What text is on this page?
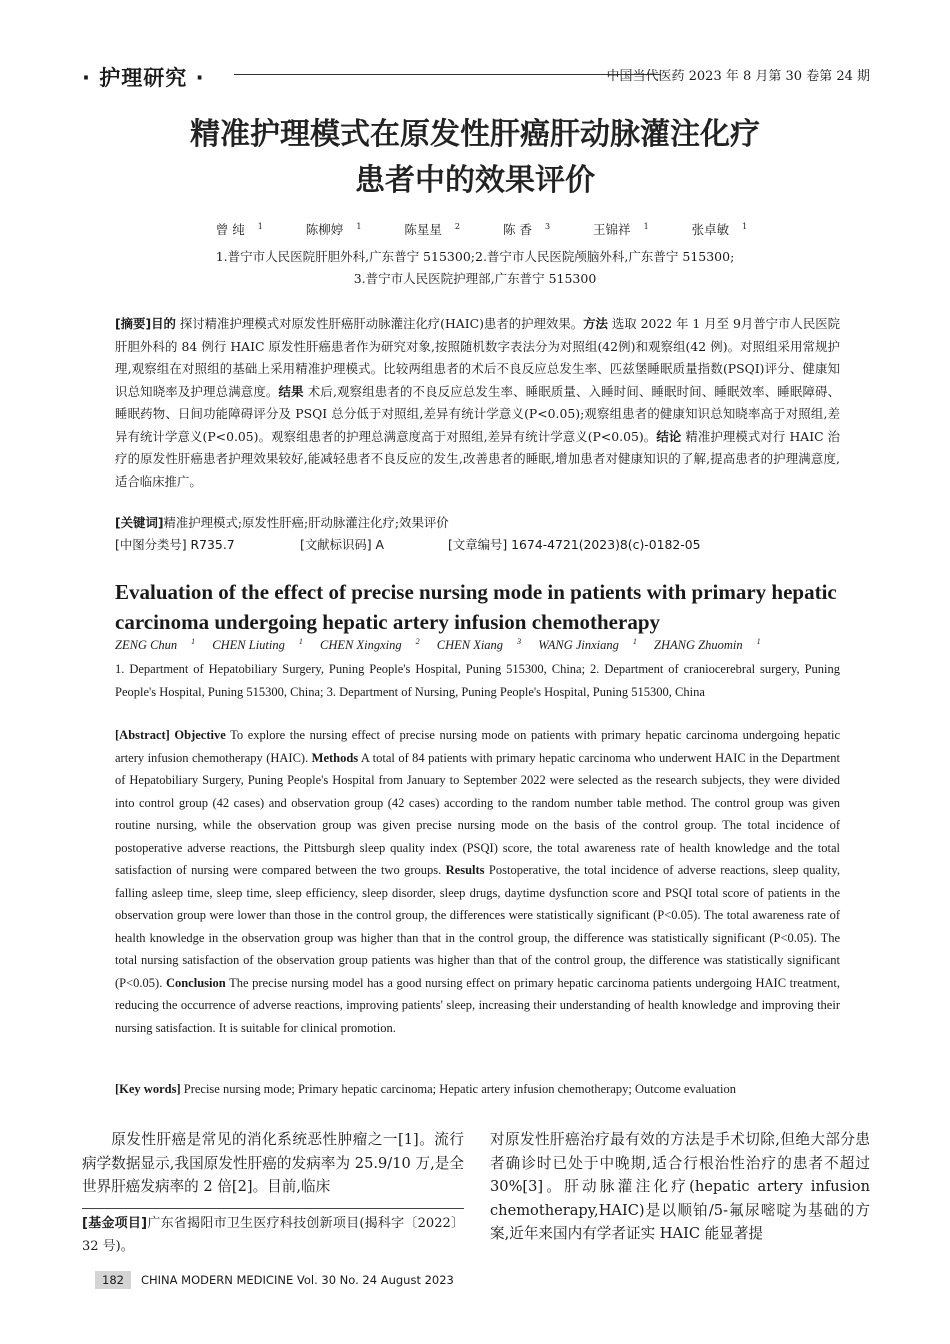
· 护理研究 ·	中国当代医药 2023 年 8 月第 30 卷第 24 期
精准护理模式在原发性肝癌肝动脉灌注化疗
患者中的效果评价
曾 纯 $^1$	陈柳婷 $^1$	陈星星 $^2$	陈 香 $^3$	王锦祥 $^1$	张卓敏 $^1$
1.普宁市人民医院肝胆外科,广东普宁 515300;2.普宁市人民医院颅脑外科,广东普宁 515300;
3.普宁市人民医院护理部,广东普宁 515300
[摘要]目的 探讨精准护理模式对原发性肝癌肝动脉灌注化疗(HAIC)患者的护理效果。方法 选取 2022 年 1 月至 9月普宁市人民医院肝胆外科的 84 例行 HAIC 原发性肝癌患者作为研究对象,按照随机数字表法分为对照组(42例)和观察组(42 例)。对照组采用常规护理,观察组在对照组的基础上采用精准护理模式。比较两组患者的术后不良反应总发生率、匹兹堡睡眠质量指数(PSQI)评分、健康知识总知晓率及护理总满意度。结果 术后,观察组患者的不良反应总发生率、睡眠质量、入睡时间、睡眠时间、睡眠效率、睡眠障碍、睡眠药物、日间功能障碍评分及 PSQI 总分低于对照组,差异有统计学意义(P<0.05);观察组患者的健康知识总知晓率高于对照组,差异有统计学意义(P<0.05)。观察组患者的护理总满意度高于对照组,差异有统计学意义(P<0.05)。结论 精准护理模式对行 HAIC 治疗的原发性肝癌患者护理效果较好,能减轻患者不良反应的发生,改善患者的睡眠,增加患者对健康知识的了解,提高患者的护理满意度,适合临床推广。
[关键词]精准护理模式;原发性肝癌;肝动脉灌注化疗;效果评价
[中图分类号] R735.7	[文献标识码] A	[文章编号] 1674-4721(2023)8(c)-0182-05
Evaluation of the effect of precise nursing mode in patients with primary hepatic carcinoma undergoing hepatic artery infusion chemotherapy
ZENG Chun $^1$ CHEN Liuting $^1$ CHEN Xingxing $^2$ CHEN Xiang $^3$ WANG Jinxiang $^1$ ZHANG Zhuomin $^1$
1. Department of Hepatobiliary Surgery, Puning People's Hospital, Puning 515300, China; 2. Department of craniocerebral surgery, Puning People's Hospital, Puning 515300, China; 3. Department of Nursing, Puning People's Hospital, Puning 515300, China
[Abstract] Objective To explore the nursing effect of precise nursing mode on patients with primary hepatic carcinoma undergoing hepatic artery infusion chemotherapy (HAIC). Methods A total of 84 patients with primary hepatic carcinoma who underwent HAIC in the Department of Hepatobiliary Surgery, Puning People's Hospital from January to September 2022 were selected as the research subjects, they were divided into control group (42 cases) and observation group (42 cases) according to the random number table method. The control group was given routine nursing, while the observation group was given precise nursing mode on the basis of the control group. The total incidence of postoperative adverse reactions, the Pittsburgh sleep quality index (PSQI) score, the total awareness rate of health knowledge and the total satisfaction of nursing were compared between the two groups. Results Postoperative, the total incidence of adverse reactions, sleep quality, falling asleep time, sleep time, sleep efficiency, sleep disorder, sleep drugs, daytime dysfunction score and PSQI total score of patients in the observation group were lower than those in the control group, the differences were statistically significant (P<0.05). The total awareness rate of health knowledge in the observation group was higher than that in the control group, the difference was statistically significant (P<0.05). The total nursing satisfaction of the observation group patients was higher than that of the control group, the difference was statistically significant (P<0.05). Conclusion The precise nursing model has a good nursing effect on primary hepatic carcinoma patients undergoing HAIC treatment, reducing the occurrence of adverse reactions, improving patients' sleep, increasing their understanding of health knowledge and improving their nursing satisfaction. It is suitable for clinical promotion.
[Key words] Precise nursing mode; Primary hepatic carcinoma; Hepatic artery infusion chemotherapy; Outcome evaluation
原发性肝癌是常见的消化系统恶性肿瘤之一[1]。流行病学数据显示,我国原发性肝癌的发病率为 25.9/10 万,是全世界肝癌发病率的 2 倍[2]。目前,临床
[基金项目]广东省揭阳市卫生医疗科技创新项目(揭科字〔2022〕32 号)。
对原发性肝癌治疗最有效的方法是手术切除,但绝大部分患者确诊时已处于中晚期,适合行根治性治疗的患者不超过 30%[3]。肝动脉灌注化疗(hepatic artery infusion chemotherapy,HAIC)是以顺铂/5-氟尿嘧啶为基础的方案,近年来国内有学者证实 HAIC 能显著提
182 CHINA MODERN MEDICINE Vol. 30 No. 24 August 2023
